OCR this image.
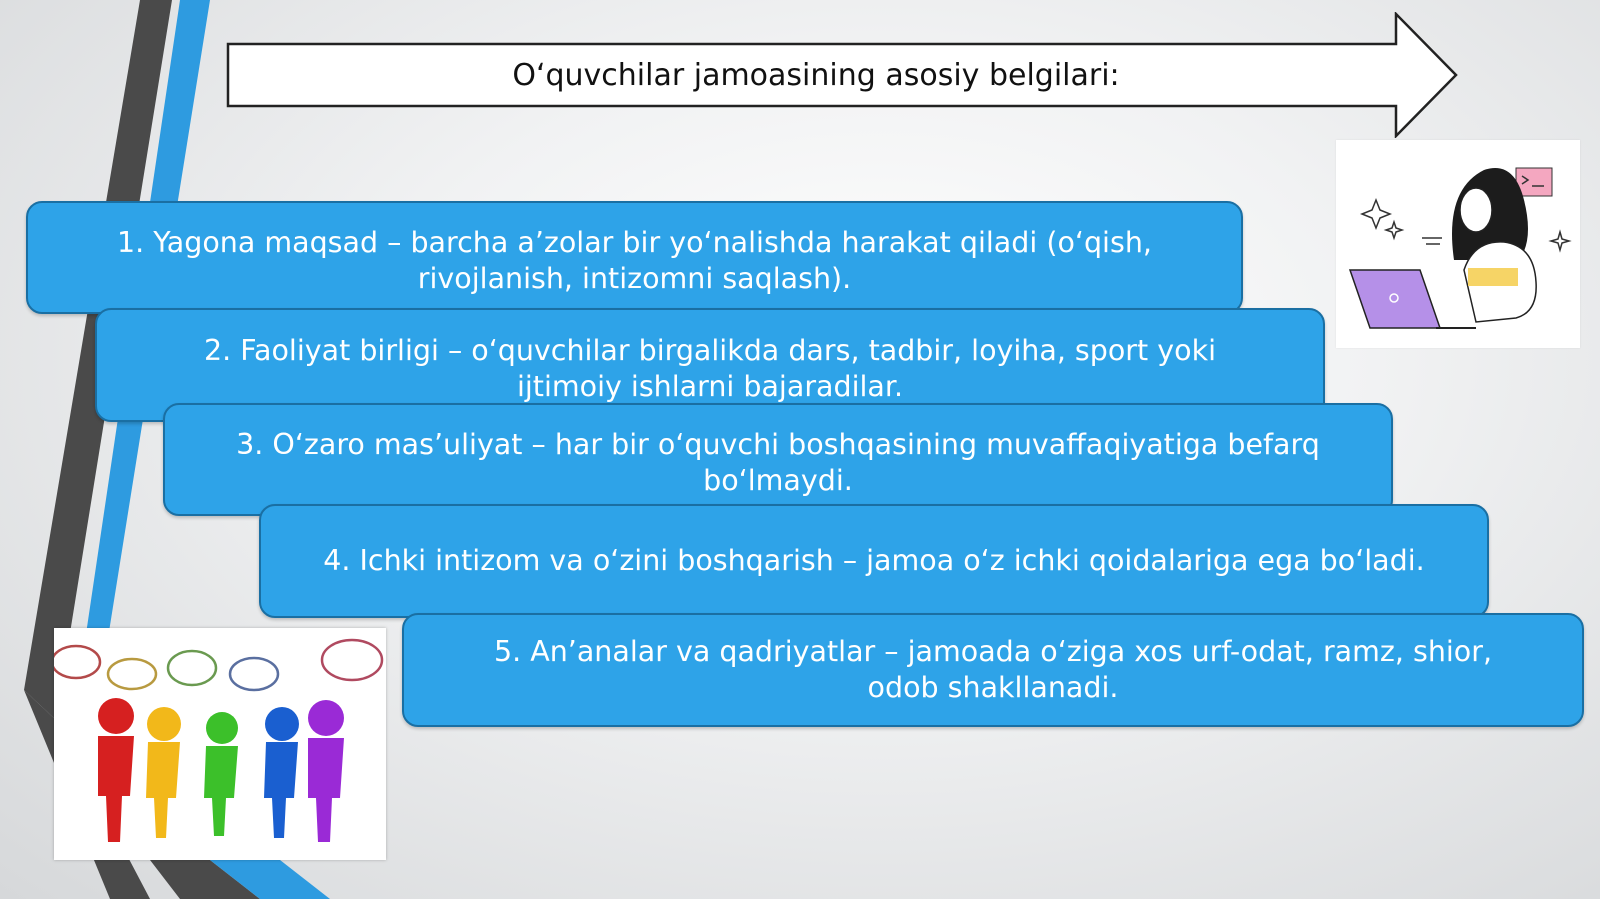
O‘quvchilar jamoasining asosiy belgilari:
1. Yagona maqsad – barcha a’zolar bir yo‘nalishda harakat qiladi (o‘qish, rivojlanish, intizomni saqlash).
2. Faoliyat birligi – o‘quvchilar birgalikda dars, tadbir, loyiha, sport yoki ijtimoiy ishlarni bajaradilar.
3. O‘zaro mas’uliyat – har bir o‘quvchi boshqasining muvaffaqiyatiga befarq bo‘lmaydi.
4. Ichki intizom va o‘zini boshqarish – jamoa o‘z ichki qoidalariga ega bo‘ladi.
5. An’analar va qadriyatlar – jamoada o‘ziga xos urf-odat, ramz, shior, odob shakllanadi.
